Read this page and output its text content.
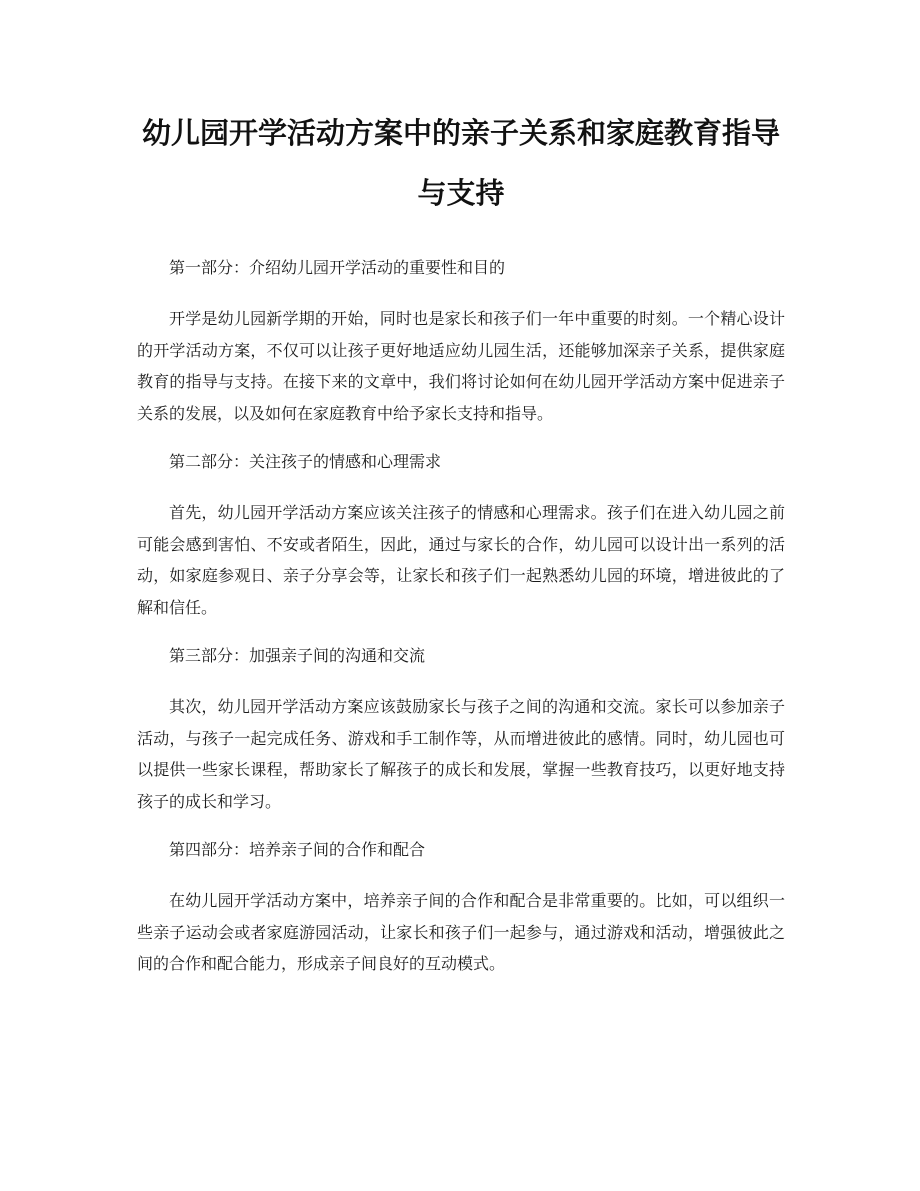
幼儿园开学活动方案中的亲子关系和家庭教育指导与支持

第一部分：介绍幼儿园开学活动的重要性和目的

开学是幼儿园新学期的开始，同时也是家长和孩子们一年中重要的时刻。一个精心设计的开学活动方案，不仅可以让孩子更好地适应幼儿园生活，还能够加深亲子关系，提供家庭教育的指导与支持。在接下来的文章中，我们将讨论如何在幼儿园开学活动方案中促进亲子关系的发展，以及如何在家庭教育中给予家长支持和指导。

第二部分：关注孩子的情感和心理需求

首先，幼儿园开学活动方案应该关注孩子的情感和心理需求。孩子们在进入幼儿园之前可能会感到害怕、不安或者陌生，因此，通过与家长的合作，幼儿园可以设计出一系列的活动，如家庭参观日、亲子分享会等，让家长和孩子们一起熟悉幼儿园的环境，增进彼此的了解和信任。

第三部分：加强亲子间的沟通和交流

其次，幼儿园开学活动方案应该鼓励家长与孩子之间的沟通和交流。家长可以参加亲子活动，与孩子一起完成任务、游戏和手工制作等，从而增进彼此的感情。同时，幼儿园也可以提供一些家长课程，帮助家长了解孩子的成长和发展，掌握一些教育技巧，以更好地支持孩子的成长和学习。

第四部分：培养亲子间的合作和配合

在幼儿园开学活动方案中，培养亲子间的合作和配合是非常重要的。比如，可以组织一些亲子运动会或者家庭游园活动，让家长和孩子们一起参与，通过游戏和活动，增强彼此之间的合作和配合能力，形成亲子间良好的互动模式。
